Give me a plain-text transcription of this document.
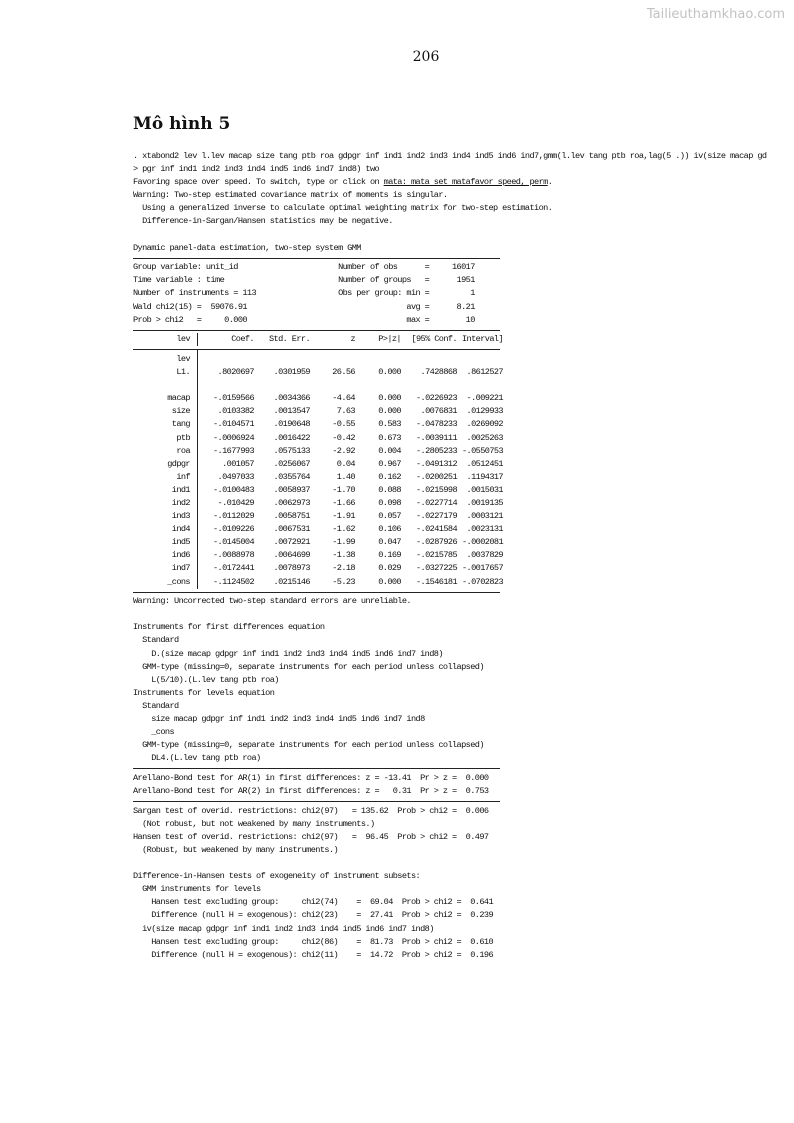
Tailieuthamkhao.com
206
Mô hình 5
. xtabond2 lev l.lev macap size tang ptb roa gdpgr inf ind1 ind2 ind3 ind4 ind5 ind6 ind7,gmm(l.lev tang ptb roa,lag(5 .)) iv(size macap gd
> pgr inf ind1 ind2 ind3 ind4 ind5 ind6 ind7 ind8) two
Favoring space over speed. To switch, type or click on mata: mata set matafavor speed, perm.
Warning: Two-step estimated covariance matrix of moments is singular.
Using a generalized inverse to calculate optimal weighting matrix for two-step estimation.
Difference-in-Sargan/Hansen statistics may be negative.
Dynamic panel-data estimation, two-step system GMM
Group variable: unit_id                      Number of obs      =     16017
Time variable : time                         Number of groups   =      1951
Number of instruments = 113                  Obs per group: min =         1
Wald chi2(15) =  59076.91                                   avg =      8.21
Prob > chi2   =     0.000                                   max =        10
lev	Coef. Std. Err.	z	P>|z| [95% Conf. Interval]
lev
L1.	.8020697 .0301959	26.56	0.000 .7428868 .8612527
macap	-.0159566 .0034366	-4.64	0.000 -.0226923 -.009221
size	.0103382 .0013547	7.63	0.000 .0076831 .0129933
tang	-.0104571 .0190648	-0.55	0.583 -.0478233 .0269092
ptb	-.0006924 .0016422	-0.42	0.673 -.0039111 .0025263
roa	-.1677993 .0575133	-2.92	0.004 -.2805233 -.0550753
gdpgr	.001057 .0256067	0.04	0.967 -.0491312 .0512451
inf	.0497033 .0355764	1.40	0.162 -.0200251 .1194317
ind1	-.0100483 .0058937	-1.70	0.088 -.0215998 .0015031
ind2	-.010429 .0062973	-1.66	0.098 -.0227714 .0019135
ind3	-.0112029 .0058751	-1.91	0.057 -.0227179 .0003121
ind4	-.0109226 .0067531	-1.62	0.106 -.0241584 .0023131
ind5	-.0145004 .0072921	-1.99	0.047 -.0287926 -.0002081
ind6	-.0088978 .0064699	-1.38	0.169 -.0215785 .0037829
ind7	-.0172441 .0078973	-2.18	0.029 -.0327225 -.0017657
_cons	-.1124502 .0215146	-5.23	0.000 -.1546181 -.0702823
Warning: Uncorrected two-step standard errors are unreliable.
Instruments for first differences equation
Standard
D.(size macap gdpgr inf ind1 ind2 ind3 ind4 ind5 ind6 ind7 ind8)
GMM-type (missing=0, separate instruments for each period unless collapsed)
L(5/10).(L.lev tang ptb roa)
Instruments for levels equation
Standard
size macap gdpgr inf ind1 ind2 ind3 ind4 ind5 ind6 ind7 ind8
_cons
GMM-type (missing=0, separate instruments for each period unless collapsed)
DL4.(L.lev tang ptb roa)
Arellano-Bond test for AR(1) in first differences: z = -13.41  Pr > z =  0.000
Arellano-Bond test for AR(2) in first differences: z =   0.31  Pr > z =  0.753
Sargan test of overid. restrictions: chi2(97)   = 135.62  Prob > chi2 =  0.006
(Not robust, but not weakened by many instruments.)
Hansen test of overid. restrictions: chi2(97)   =  96.45  Prob > chi2 =  0.497
(Robust, but weakened by many instruments.)
Difference-in-Hansen tests of exogeneity of instrument subsets:
GMM instruments for levels
Hansen test excluding group:     chi2(74)    =  69.04  Prob > chi2 =  0.641
Difference (null H = exogenous): chi2(23)    =  27.41  Prob > chi2 =  0.239
iv(size macap gdpgr inf ind1 ind2 ind3 ind4 ind5 ind6 ind7 ind8)
Hansen test excluding group:     chi2(86)    =  81.73  Prob > chi2 =  0.610
Difference (null H = exogenous): chi2(11)    =  14.72  Prob > chi2 =  0.196
